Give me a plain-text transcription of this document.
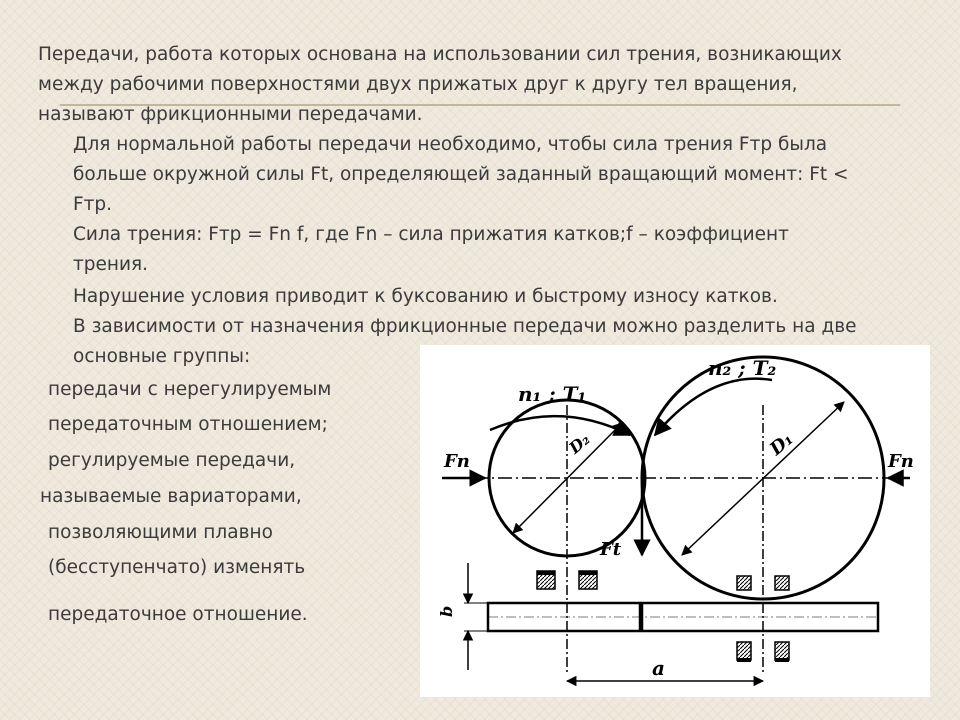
Передачи, работа которых основана на использовании сил трения, возникающих
между рабочими поверхностями двух прижатых друг к другу тел вращения,
называют фрикционными передачами.

Для нормальной работы передачи необходимо, чтобы сила трения Fтр была
больше окружной силы Ft, определяющей заданный вращающий момент: Ft <
Fтр.

Сила трения: Fтр = Fn f, где Fn – сила прижатия катков;f – коэффициент
трения.

Нарушение условия приводит к буксованию и быстрому износу катков.

В зависимости от назначения фрикционные передачи можно разделить на две
основные группы:

передачи с нерегулируемым

передаточным отношением;

регулируемые передачи,

называемые вариаторами,

позволяющими плавно

(бесступенчато) изменять

передаточное отношение.

n₁ ; T₁
n₂ ; T₂
D₂	D₁
Fn	Fn
Ft
b
a
